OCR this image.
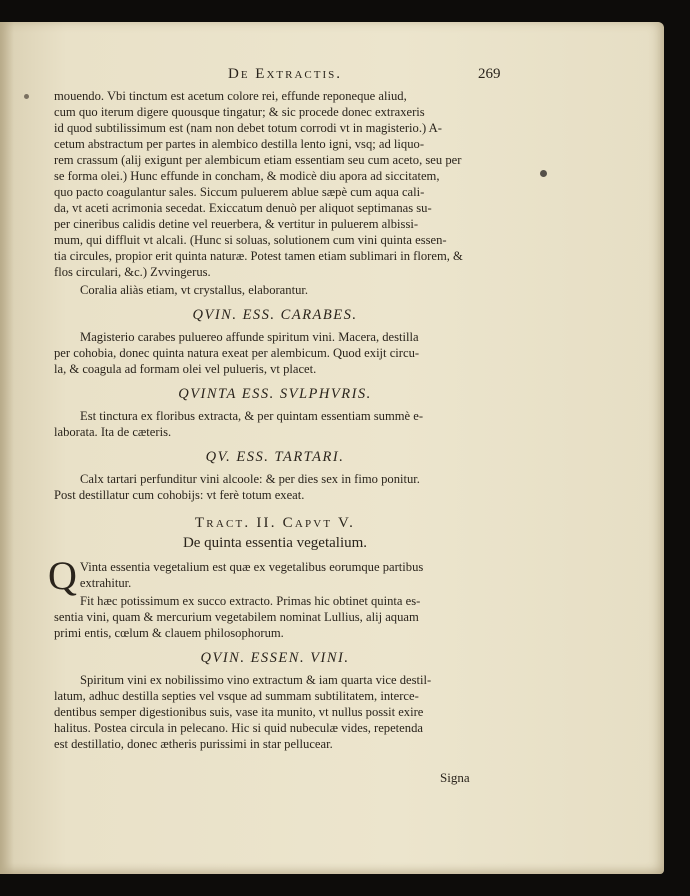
De Extractis.	269

mouendo. Vbi tinctum est acetum colore rei, effunde reponeque aliud,
cum quo iterum digere quousque tingatur; & sic procede donec extraxeris
id quod subtilissimum est (nam non debet totum corrodi vt in magisterio.) A-
cetum abstractum per partes in alembico destilla lento igni, vsq; ad liquo-
rem crassum (alij exigunt per alembicum etiam essentiam seu cum aceto, seu per
se forma olei.) Hunc effunde in concham, & modicè diu apora ad siccitatem,
quo pacto coagulantur sales. Siccum puluerem ablue sæpè cum aqua cali-
da, vt aceti acrimonia secedat. Exiccatum denuò per aliquot septimanas su-
per cineribus calidis detine vel reuerbera, & vertitur in puluerem albissi-
mum, qui diffluit vt alcali. (Hunc si soluas, solutionem cum vini quinta essen-
tia circules, propior erit quinta naturæ. Potest tamen etiam sublimari in florem, &
flos circulari, &c.) Zvvingerus.

Coralia aliàs etiam, vt crystallus, elaborantur.

QVIN. ESS. CARABES.

Magisterio carabes puluereo affunde spiritum vini. Macera, destilla
per cohobia, donec quinta natura exeat per alembicum. Quod exijt circu-
la, & coagula ad formam olei vel pulueris, vt placet.

QVINTA ESS. SVLPHVRIS.

Est tinctura ex floribus extracta, & per quintam essentiam summè e-
laborata. Ita de cæteris.

QV. ESS. TARTARI.

Calx tartari perfunditur vini alcoole: & per dies sex in fimo ponitur.
Post destillatur cum cohobijs: vt ferè totum exeat.

Tract. II. Capvt V.
De quinta essentia vegetalium.

Q Vinta essentia vegetalium est quæ ex vegetalibus eorumque partibus
extrahitur.

Fit hæc potissimum ex succo extracto. Primas hic obtinet quinta es-
sentia vini, quam & mercurium vegetabilem nominat Lullius, alij aquam
primi entis, cœlum & clauem philosophorum.

QVIN. ESSEN. VINI.

Spiritum vini ex nobilissimo vino extractum & iam quarta vice destil-
latum, adhuc destilla septies vel vsque ad summam subtilitatem, interce-
dentibus semper digestionibus suis, vase ita munito, vt nullus possit exire
halitus. Postea circula in pelecano. Hic si quid nubeculæ vides, repetenda
est destillatio, donec ætheris purissimi in star pellucear.

Signa
